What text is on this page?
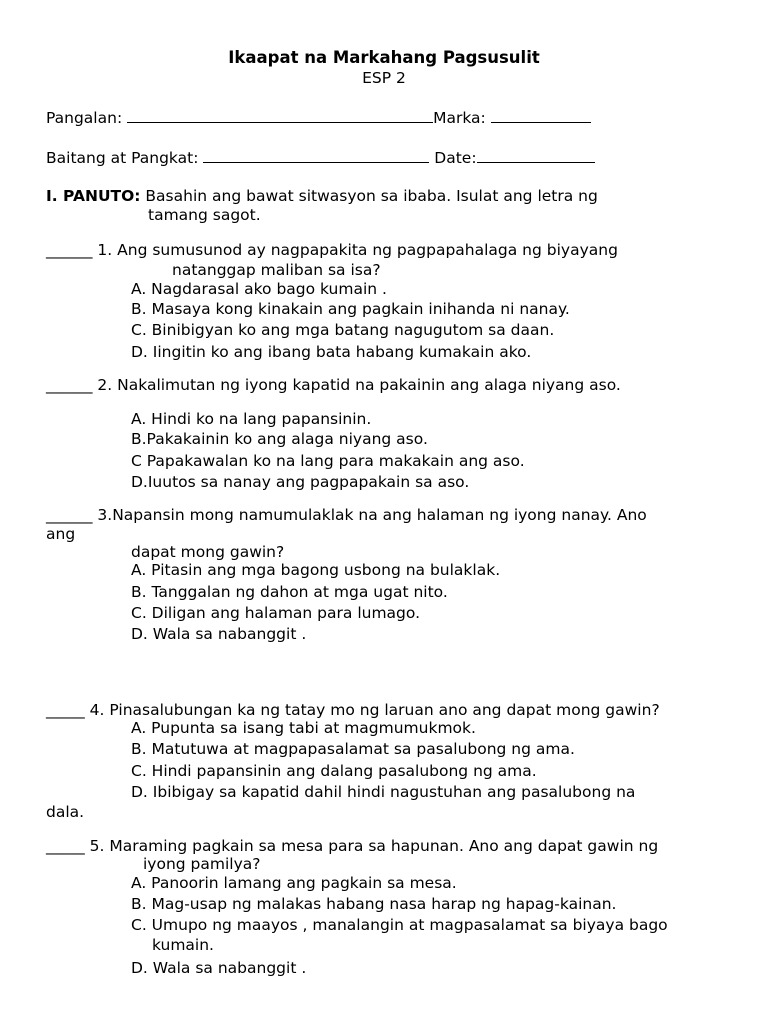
Ikaapat na Markahang Pagsusulit
ESP 2
Pangalan:	Marka:
Baitang at Pangkat:	Date:
I. PANUTO: Basahin ang bawat sitwasyon sa ibaba. Isulat ang letra ng
tamang sagot.
______ 1. Ang sumusunod ay nagpapakita ng pagpapahalaga ng biyayang
natanggap maliban sa isa?
A. Nagdarasal ako bago kumain .
B. Masaya kong kinakain ang pagkain inihanda ni nanay.
C. Binibigyan ko ang mga batang nagugutom sa daan.
D. Iingitin ko ang ibang bata habang kumakain ako.
______ 2. Nakalimutan ng iyong kapatid na pakainin ang alaga niyang aso.
A. Hindi ko na lang papansinin.
B.Pakakainin ko ang alaga niyang aso.
C Papakawalan ko na lang para makakain ang aso.
D.Iuutos sa nanay ang pagpapakain sa aso.
______ 3.Napansin mong namumulaklak na ang halaman ng iyong nanay. Ano
ang
dapat mong gawin?
A. Pitasin ang mga bagong usbong na bulaklak.
B. Tanggalan ng dahon at mga ugat nito.
C. Diligan ang halaman para lumago.
D. Wala sa nabanggit .
_____ 4. Pinasalubungan ka ng tatay mo ng laruan ano ang dapat mong gawin?
A. Pupunta sa isang tabi at magmumukmok.
B. Matutuwa at magpapasalamat sa pasalubong ng ama.
C. Hindi papansinin ang dalang pasalubong ng ama.
D. Ibibigay sa kapatid dahil hindi nagustuhan ang pasalubong na
dala.
_____ 5. Maraming pagkain sa mesa para sa hapunan. Ano ang dapat gawin ng
iyong pamilya?
A. Panoorin lamang ang pagkain sa mesa.
B. Mag-usap ng malakas habang nasa harap ng hapag-kainan.
C. Umupo ng maayos , manalangin at magpasalamat sa biyaya bago
kumain.
D. Wala sa nabanggit .
